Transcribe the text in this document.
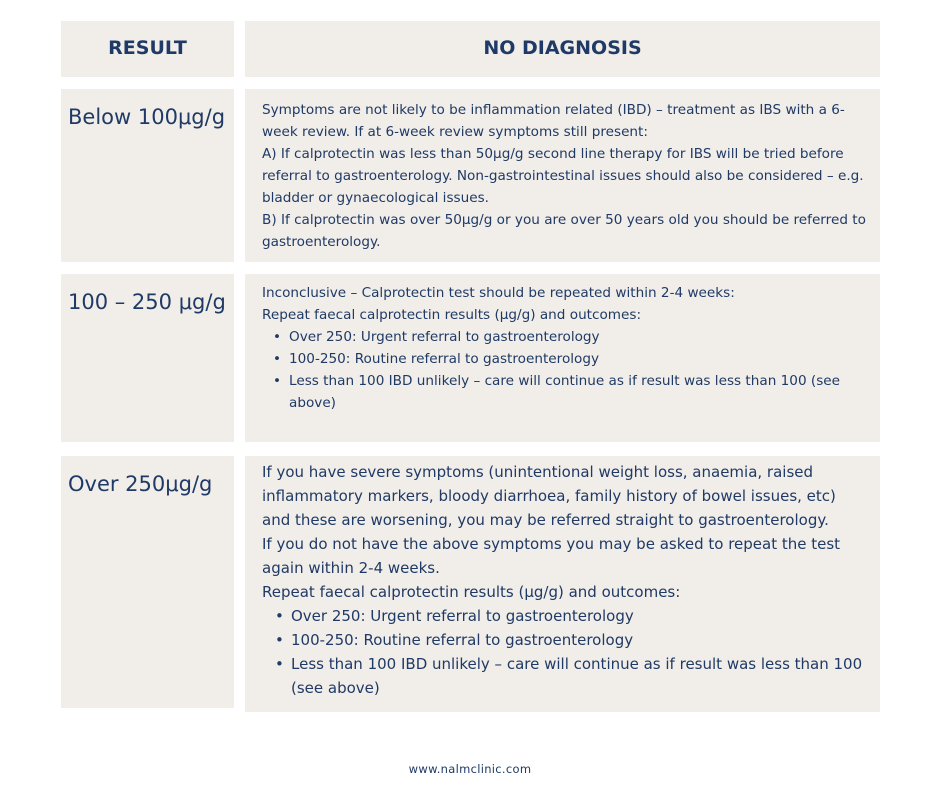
RESULT	NO DIAGNOSIS
Below 100μg/g	Symptoms are not likely to be inflammation related (IBD) – treatment as IBS with a 6-week review. If at 6-week review symptoms still present:

A) If calprotectin was less than 50μg/g second line therapy for IBS will be tried before referral to gastroenterology. Non-gastrointestinal issues should also be considered – e.g. bladder or gynaecological issues.

B) If calprotectin was over 50μg/g or you are over 50 years old you should be referred to gastroenterology.

100 – 250 μg/g	Inconclusive – Calprotectin test should be repeated within 2-4 weeks:

Repeat faecal calprotectin results (μg/g) and outcomes:

• Over 250: Urgent referral to gastroenterology
• 100-250: Routine referral to gastroenterology
• Less than 100 IBD unlikely – care will continue as if result was less than 100 (see above)
Over 250μg/g	If you have severe symptoms (unintentional weight loss, anaemia, raised inflammatory markers, bloody diarrhoea, family history of bowel issues, etc) and these are worsening, you may be referred straight to gastroenterology.

If you do not have the above symptoms you may be asked to repeat the test again within 2-4 weeks.

Repeat faecal calprotectin results (μg/g) and outcomes:

• Over 250: Urgent referral to gastroenterology
• 100-250: Routine referral to gastroenterology
• Less than 100 IBD unlikely – care will continue as if result was less than 100 (see above)
www.nalmclinic.com
